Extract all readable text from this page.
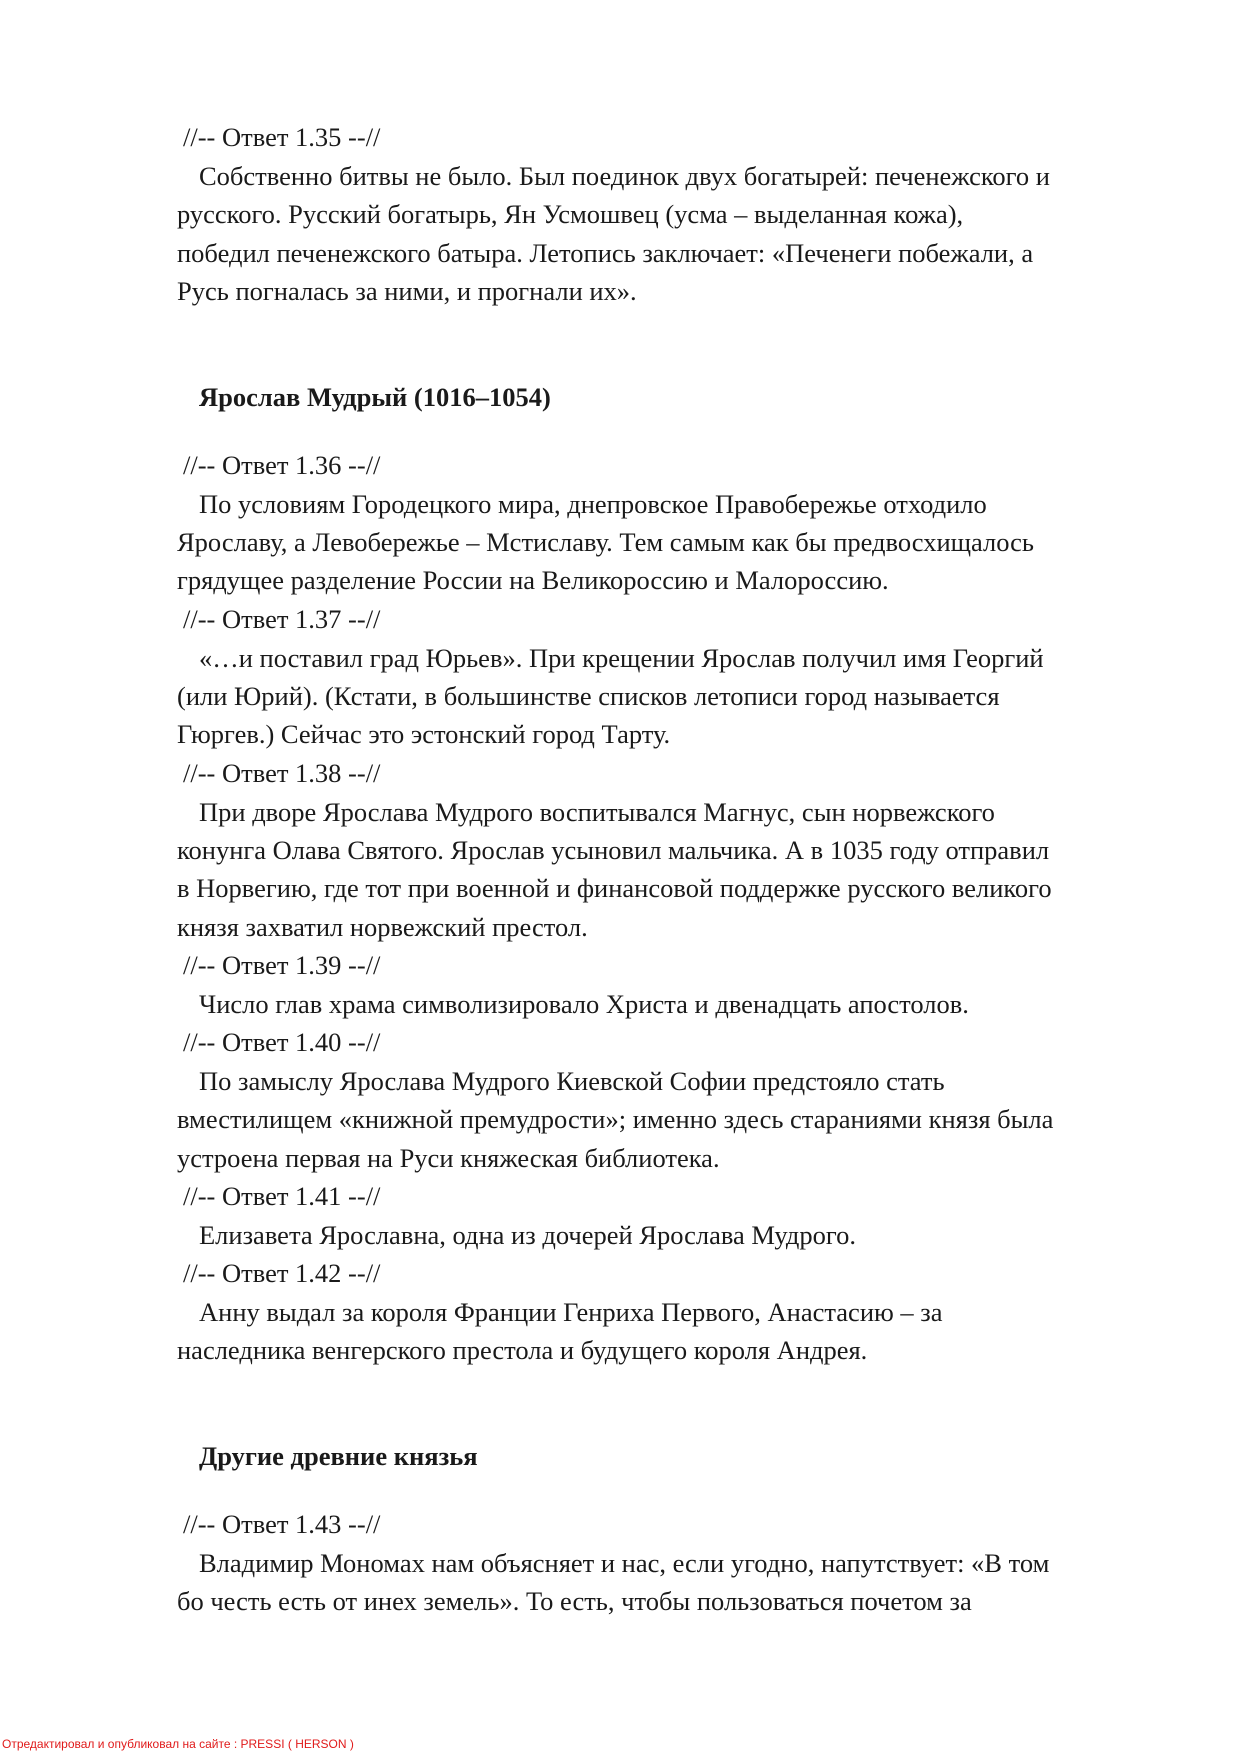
//-- Ответ 1.35 --//
Собственно битвы не было. Был поединок двух богатырей: печенежского и
русского. Русский богатырь, Ян Усмошвец (усма – выделанная кожа),
победил печенежского батыра. Летопись заключает: «Печенеги побежали, а
Русь погналась за ними, и прогнали их».
Ярослав Мудрый (1016–1054)
//-- Ответ 1.36 --//
По условиям Городецкого мира, днепровское Правобережье отходило
Ярославу, а Левобережье – Мстиславу. Тем самым как бы предвосхищалось
грядущее разделение России на Великороссию и Малороссию.
//-- Ответ 1.37 --//
«…и поставил град Юрьев». При крещении Ярослав получил имя Георгий
(или Юрий). (Кстати, в большинстве списков летописи город называется
Гюргев.) Сейчас это эстонский город Тарту.
//-- Ответ 1.38 --//
При дворе Ярослава Мудрого воспитывался Магнус, сын норвежского
конунга Олава Святого. Ярослав усыновил мальчика. А в 1035 году отправил
в Норвегию, где тот при военной и финансовой поддержке русского великого
князя захватил норвежский престол.
//-- Ответ 1.39 --//
Число глав храма символизировало Христа и двенадцать апостолов.
//-- Ответ 1.40 --//
По замыслу Ярослава Мудрого Киевской Софии предстояло стать
вместилищем «книжной премудрости»; именно здесь стараниями князя была
устроена первая на Руси княжеская библиотека.
//-- Ответ 1.41 --//
Елизавета Ярославна, одна из дочерей Ярослава Мудрого.
//-- Ответ 1.42 --//
Анну выдал за короля Франции Генриха Первого, Анастасию – за
наследника венгерского престола и будущего короля Андрея.
Другие древние князья
//-- Ответ 1.43 --//
Владимир Мономах нам объясняет и нас, если угодно, напутствует: «В том
бо честь есть от инех земель». То есть, чтобы пользоваться почетом за
Отредактировал и опубликовал на сайте : PRESSI ( HERSON )
